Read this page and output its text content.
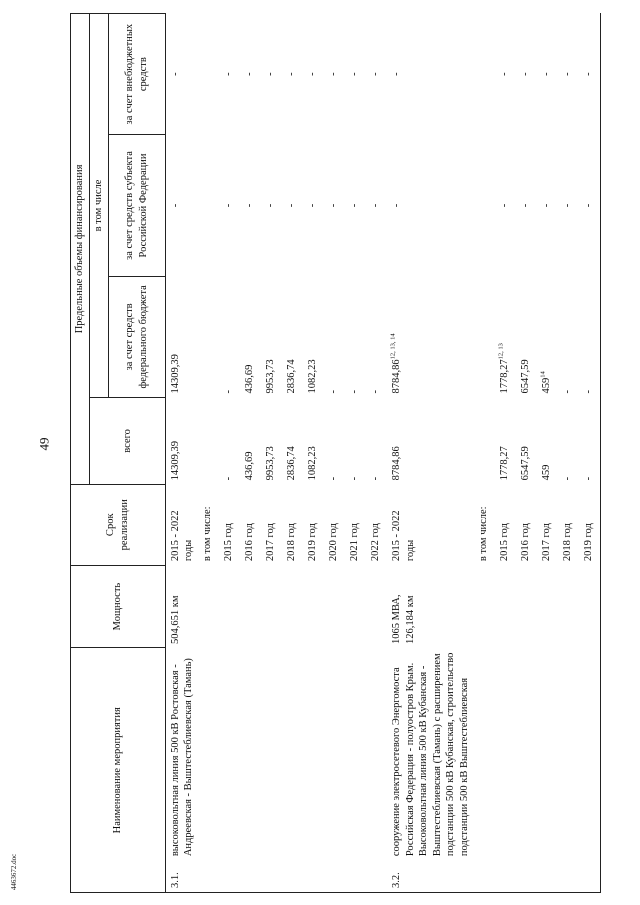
49
4463672.doc
Наименование мероприятия		Мощность	Срок реализации	Предельные объемы финансирования			
				всего	в том числе		
					за счет средств федерального бюджета	за счет средств субъекта Российской Федерации	за счет внебюджетных средств
3.1.	высоковольтная линия 500 кВ Ростовская - Андреевская - Выштестеблиевская (Тамань)	504,651 км	2015 - 2022 годы	14309,39	14309,39	-	-
			в том числе:				
			2015 год	-	-	-	-
			2016 год	436,69	436,69	-	-
			2017 год	9953,73	9953,73	-	-
			2018 год	2836,74	2836,74	-	-
			2019 год	1082,23	1082,23	-	-
			2020 год	-	-	-	-
			2021 год	-	-	-	-
			2022 год	-	-	-	-
3.2.	сооружение электросетевого Энергомоста Российская Федерация - полуостров Крым. Высоковольтная линия 500 кВ Кубанская - Выштестеблиевская (Тамань) с расширением подстанции 500 кВ Кубанская, строительство подстанции 500 кВ Выштестеблиевская	1065 МВА, 126,184 км	2015 - 2022 годы	8784,86	8784,86$^{12, 13, 14}$	-	-
			в том числе:				
			2015 год	1778,27	1778,27$^{12, 13}$	-	-
			2016 год	6547,59	6547,59	-	-
			2017 год	459	$459^{14}$	-	-
			2018 год	-	-	-	-
			2019 год	-	-	-	-
